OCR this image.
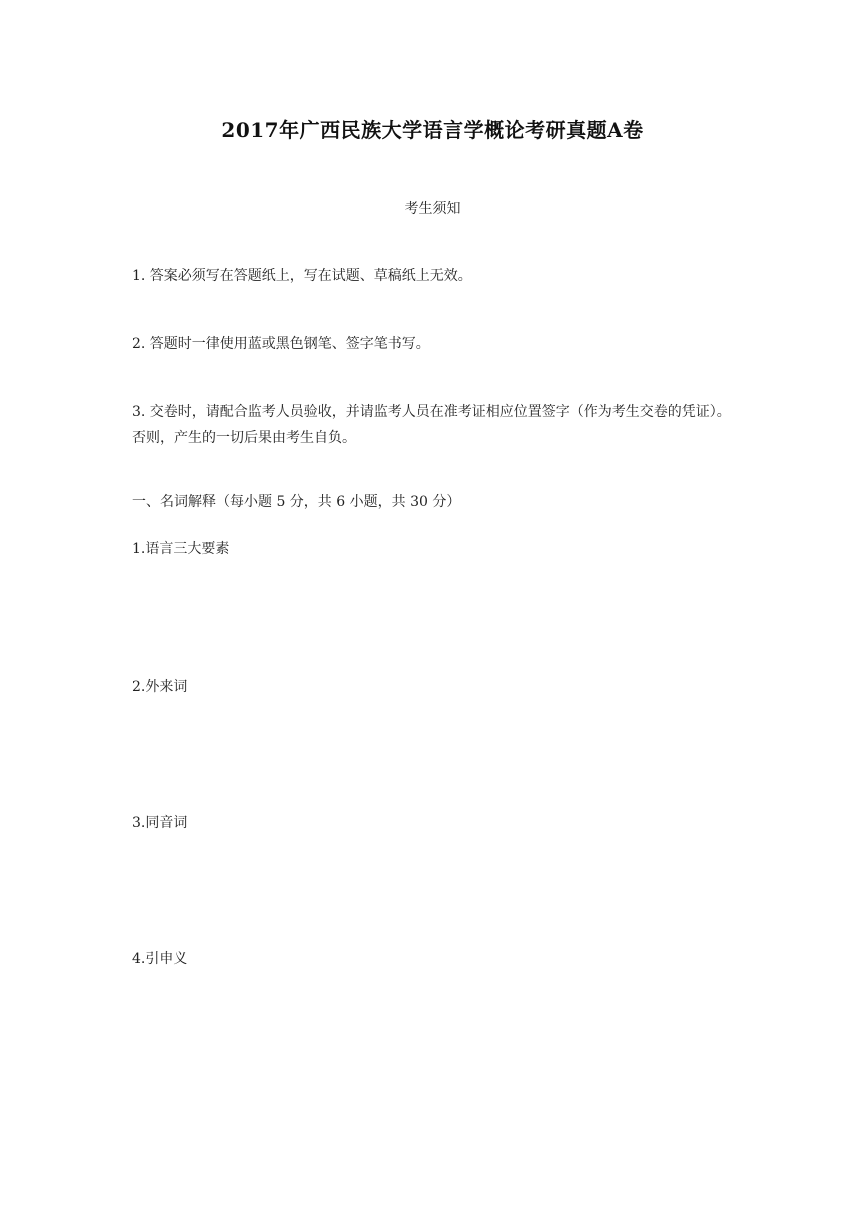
2017年广西民族大学语言学概论考研真题A卷
考生须知
1. 答案必须写在答题纸上，写在试题、草稿纸上无效。
2. 答题时一律使用蓝或黑色钢笔、签字笔书写。
3. 交卷时，请配合监考人员验收，并请监考人员在准考证相应位置签字（作为考生交卷的凭证）。否则，产生的一切后果由考生自负。
一、名词解释（每小题 5 分，共 6 小题，共 30 分）
1.语言三大要素
2.外来词
3.同音词
4.引申义
